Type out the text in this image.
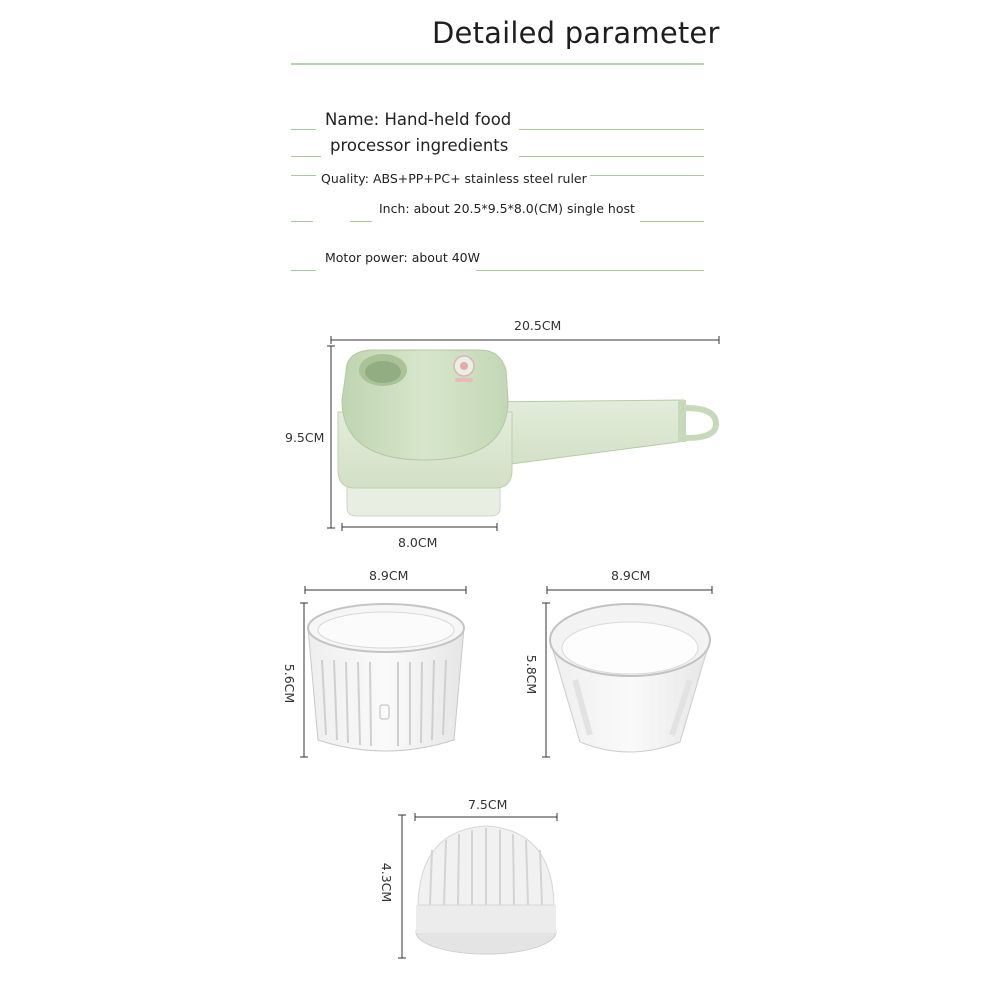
Detailed parameter
Name: Hand-held food
processor ingredients
Quality: ABS+PP+PC+ stainless steel ruler
Inch: about 20.5*9.5*8.0(CM) single host
Motor power: about 40W
20.5CM
9.5CM
8.0CM
8.9CM
5.6CM
8.9CM
5.8CM
7.5CM
4.3CM
